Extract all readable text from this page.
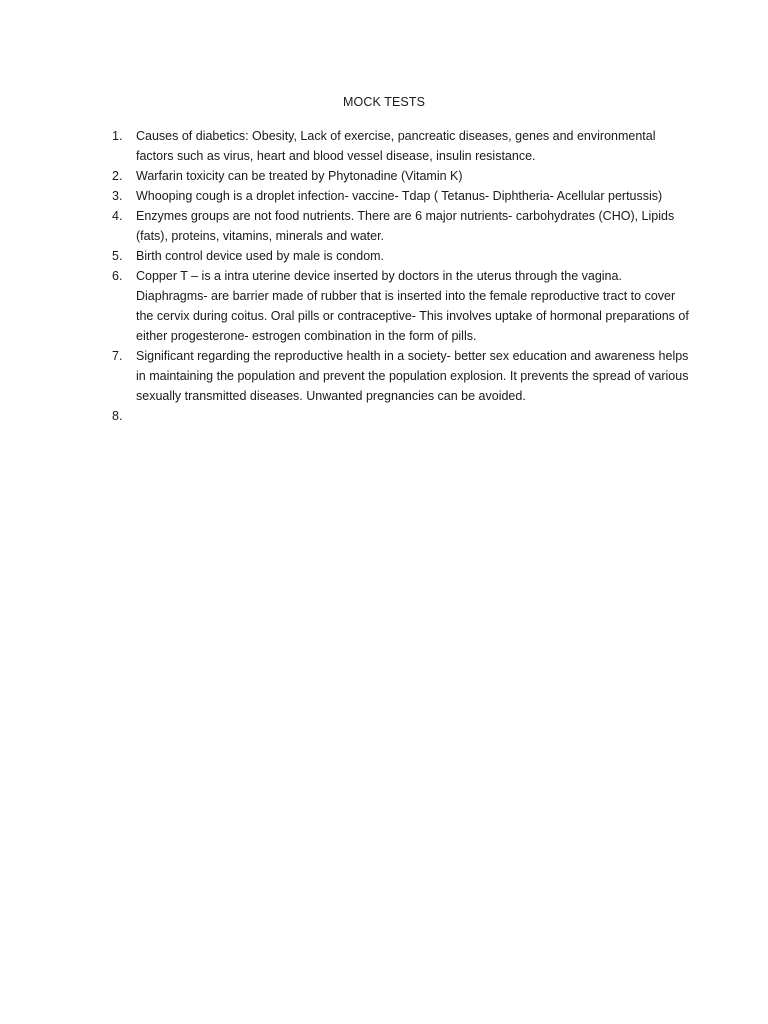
MOCK TESTS
1. Causes of diabetics: Obesity, Lack of exercise, pancreatic diseases, genes and environmental factors such as virus, heart and blood vessel disease, insulin resistance.
2. Warfarin toxicity can be treated by Phytonadine (Vitamin K)
3. Whooping cough is a droplet infection- vaccine- Tdap ( Tetanus- Diphtheria- Acellular pertussis)
4. Enzymes groups are not food nutrients. There are 6 major nutrients- carbohydrates (CHO), Lipids (fats), proteins, vitamins, minerals and water.
5. Birth control device used by male is condom.
6. Copper T – is a intra uterine device inserted by doctors in the uterus through the vagina. Diaphragms- are barrier made of rubber that is inserted into the female reproductive tract to cover the cervix during coitus. Oral pills or contraceptive- This involves uptake of hormonal preparations of either progesterone- estrogen combination in the form of pills.
7. Significant regarding the reproductive health in a society- better sex education and awareness helps in maintaining the population and prevent the population explosion. It prevents the spread of various sexually transmitted diseases. Unwanted pregnancies can be avoided.
8.
